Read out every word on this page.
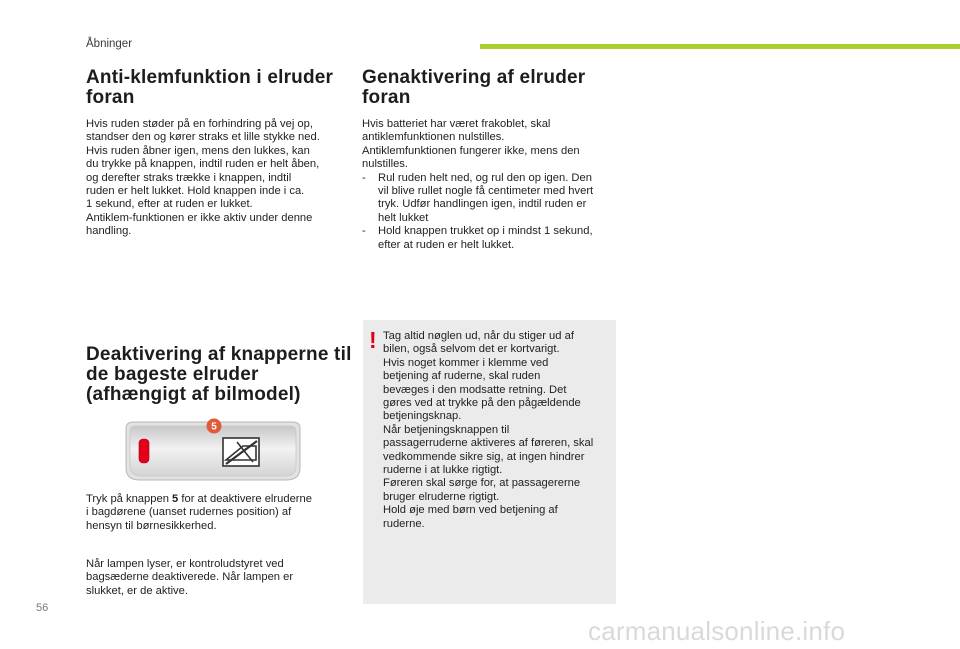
Åbninger
Anti-klemfunktion i elruder foran

Hvis ruden støder på en forhindring på vej op,

standser den og kører straks et lille stykke ned.

Hvis ruden åbner igen, mens den lukkes, kan

du trykke på knappen, indtil ruden er helt åben,

og derefter straks trække i knappen, indtil

ruden er helt lukket. Hold knappen inde i ca.

1 sekund, efter at ruden er lukket.

Antiklem-funktionen er ikke aktiv under denne

handling.

Genaktivering af elruder foran

Hvis batteriet har været frakoblet, skal

antiklemfunktionen nulstilles.

Antiklemfunktionen fungerer ikke, mens den

nulstilles.

- Rul ruden helt ned, og rul den op igen. Den

vil blive rullet nogle få centimeter med hvert

tryk. Udfør handlingen igen, indtil ruden er

helt lukket

- Hold knappen trukket op i mindst 1 sekund,

efter at ruden er helt lukket.

Deaktivering af knapperne til de bageste elruder (afhængigt af bilmodel)
5

Tryk på knappen 5 for at deaktivere elruderne

i bagdørene (uanset rudernes position) af

hensyn til børnesikkerhed.

Når lampen lyser, er kontroludstyret ved

bagsæderne deaktiverede. Når lampen er

slukket, er de aktive.

! Tag altid nøglen ud, når du stiger ud af

bilen, også selvom det er kortvarigt.

Hvis noget kommer i klemme ved

betjening af ruderne, skal ruden

bevæges i den modsatte retning. Det

gøres ved at trykke på den pågældende

betjeningsknap.

Når betjeningsknappen til

passagerruderne aktiveres af føreren, skal

vedkommende sikre sig, at ingen hindrer

ruderne i at lukke rigtigt.

Føreren skal sørge for, at passagererne

bruger elruderne rigtigt.

Hold øje med børn ved betjening af

ruderne.

56
carmanualsonline.info
